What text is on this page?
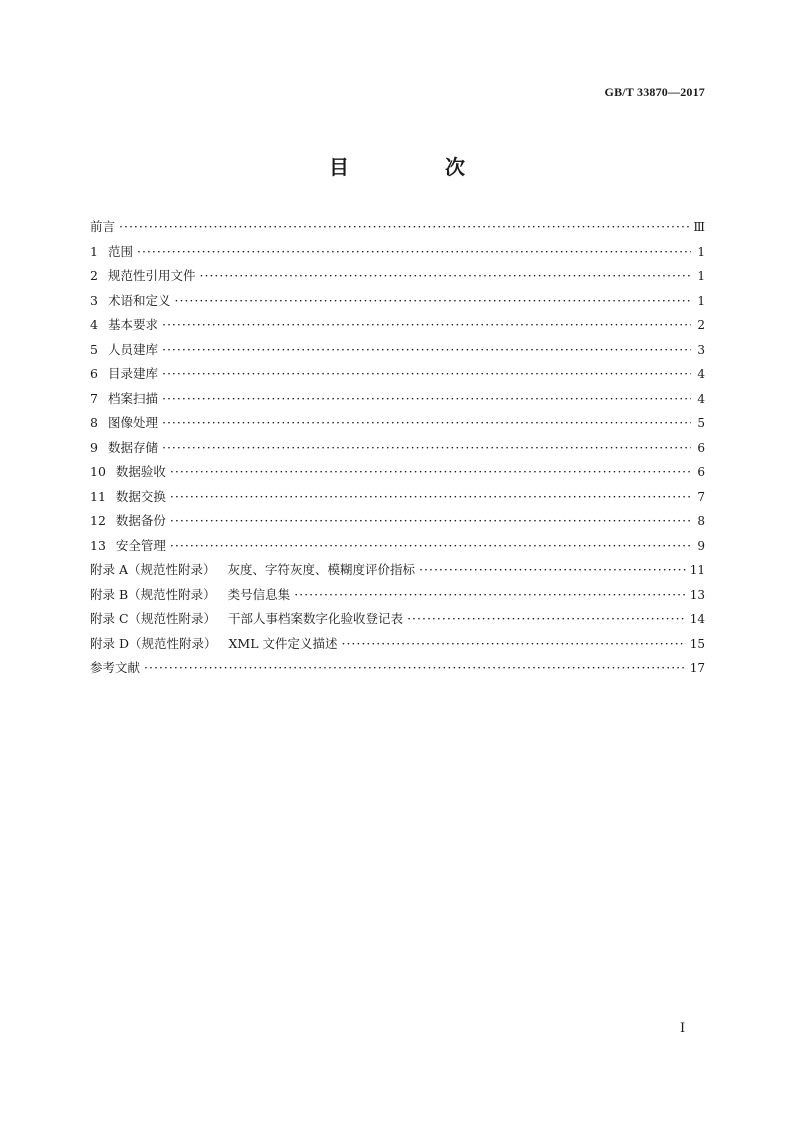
GB/T 33870—2017
目　次
前言 ·····	Ⅲ
1 范围 ·····	1
2 规范性引用文件 ·····	1
3 术语和定义 ·····	1
4 基本要求 ·····	2
5 人员建库 ·····	3
6 目录建库 ·····	4
7 档案扫描 ·····	4
8 图像处理 ·····	5
9 数据存储 ·····	6
10 数据验收 ·····	6
11 数据交换 ·····	7
12 数据备份 ·····	8
13 安全管理 ·····	9
附录 A（规范性附录） 灰度、字符灰度、模糊度评价指标 ·····	11
附录 B（规范性附录） 类号信息集 ·····	13
附录 C（规范性附录） 干部人事档案数字化验收登记表 ·····	14
附录 D（规范性附录） XML 文件定义描述 ·····	15
参考文献 ·····	17
I
